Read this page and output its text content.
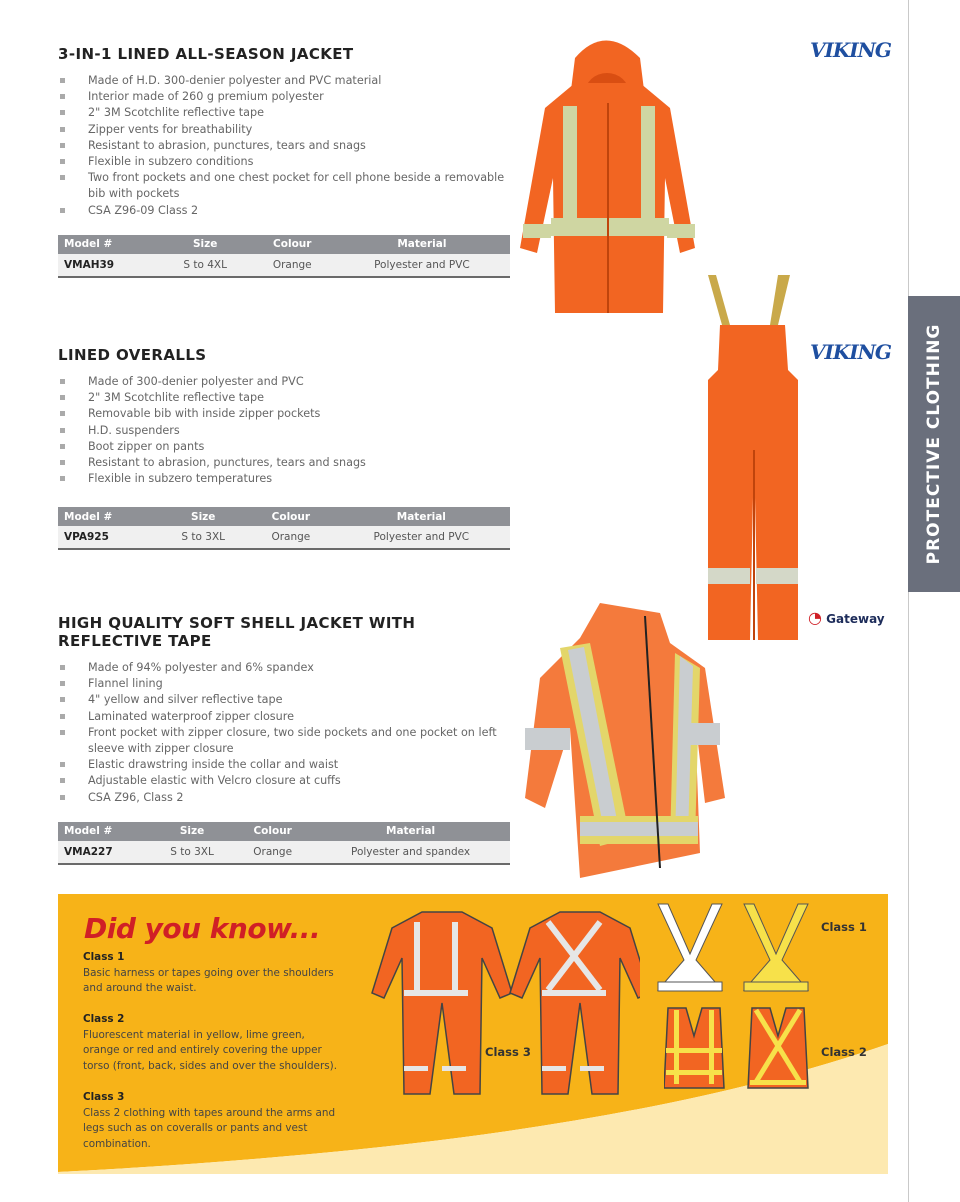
PROTECTIVE CLOTHING
3-IN-1 LINED ALL-SEASON JACKET
Made of H.D. 300-denier polyester and PVC material
Interior made of 260 g premium polyester
2" 3M Scotchlite reflective tape
Zipper vents for breathability
Resistant to abrasion, punctures, tears and snags
Flexible in subzero conditions
Two front pockets and one chest pocket for cell phone beside a removable bib with pockets
CSA Z96-09 Class 2
Model #	Size	Colour	Material
VMAH39	S to 4XL	Orange	Polyester and PVC
VIKING
LINED OVERALLS
Made of 300-denier polyester and PVC
2" 3M Scotchlite reflective tape
Removable bib with inside zipper pockets
H.D. suspenders
Boot zipper on pants
Resistant to abrasion, punctures, tears and snags
Flexible in subzero temperatures
Model #	Size	Colour	Material
VPA925	S to 3XL	Orange	Polyester and PVC
VIKING
HIGH QUALITY SOFT SHELL JACKET WITH REFLECTIVE TAPE
Made of 94% polyester and 6% spandex
Flannel lining
4" yellow and silver reflective tape
Laminated waterproof zipper closure
Front pocket with zipper closure, two side pockets and one pocket on left sleeve with zipper closure
Elastic drawstring inside the collar and waist
Adjustable elastic with Velcro closure at cuffs
CSA Z96, Class 2
Model #	Size	Colour	Material
VMA227	S to 3XL	Orange	Polyester and spandex
◔ Gateway
Did you know...
Class 1
Basic harness or tapes going over the shoulders and around the waist.
Class 2
Fluorescent material in yellow, lime green, orange or red and entirely covering the upper torso (front, back, sides and over the shoulders).
Class 3
Class 2 clothing with tapes around the arms and legs such as on coveralls or pants and vest combination.
Class 3
Class 1
Class 2
